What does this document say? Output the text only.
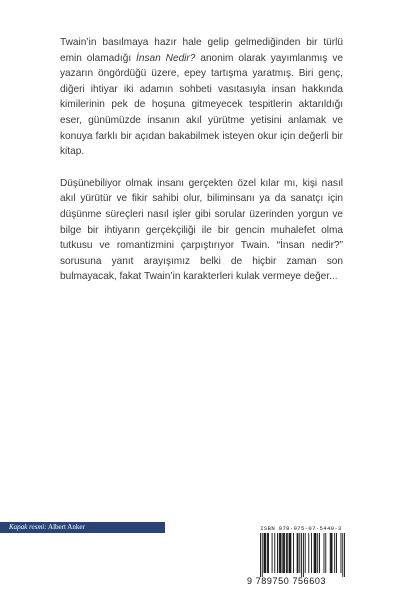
Twain’in basılmaya hazır hale gelip gelmediğinden bir türlü emin olamadığı İnsan Nedir? anonim olarak yayımlanmış ve yazarın öngördüğü üzere, epey tartışma yaratmış. Biri genç, diğeri ihtiyar iki adamın sohbeti vasıtasıyla insan hakkında kimilerinin pek de hoşuna gitmeyecek tespitlerin aktarıldığı eser, günümüzde insanın akıl yürütme yetisini anlamak ve konuya farklı bir açıdan bakabilmek isteyen okur için değerli bir kitap.

Düşünebiliyor olmak insanı gerçekten özel kılar mı, kişi nasıl akıl yürütür ve fikir sahibi olur, biliminsanı ya da sanatçı için düşünme süreçleri nasıl işler gibi sorular üzerinden yorgun ve bilge bir ihtiyarın gerçekçiliği ile bir gencin muhalefet olma tutkusu ve romantizmini çarpıştırıyor Twain. “İnsan nedir?” sorusuna yanıt arayışımız belki de hiçbir zaman son bulmayacak, fakat Twain’in karakterleri kulak vermeye değer...

Kapak resmi: Albert Anker	ISBN 978-975-07-5440-3
9 789750 756603
